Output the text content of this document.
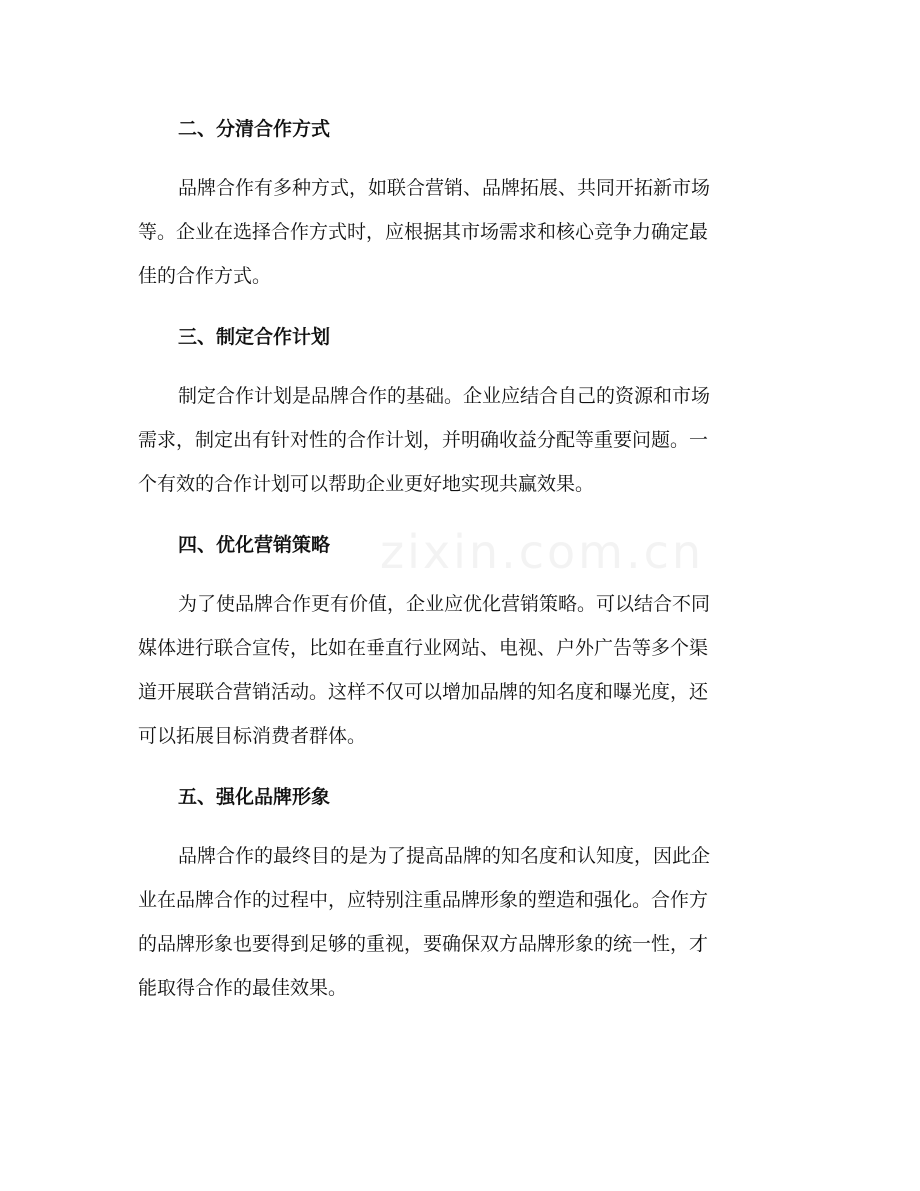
二、分清合作方式
品牌合作有多种方式，如联合营销、品牌拓展、共同开拓新市场
等。企业在选择合作方式时，应根据其市场需求和核心竞争力确定最
佳的合作方式。
三、制定合作计划
制定合作计划是品牌合作的基础。企业应结合自己的资源和市场
需求，制定出有针对性的合作计划，并明确收益分配等重要问题。一
个有效的合作计划可以帮助企业更好地实现共赢效果。
四、优化营销策略
为了使品牌合作更有价值，企业应优化营销策略。可以结合不同
媒体进行联合宣传，比如在垂直行业网站、电视、户外广告等多个渠
道开展联合营销活动。这样不仅可以增加品牌的知名度和曝光度，还
可以拓展目标消费者群体。
五、强化品牌形象
品牌合作的最终目的是为了提高品牌的知名度和认知度，因此企
业在品牌合作的过程中，应特别注重品牌形象的塑造和强化。合作方
的品牌形象也要得到足够的重视，要确保双方品牌形象的统一性，才
能取得合作的最佳效果。
zixin.com.cn
